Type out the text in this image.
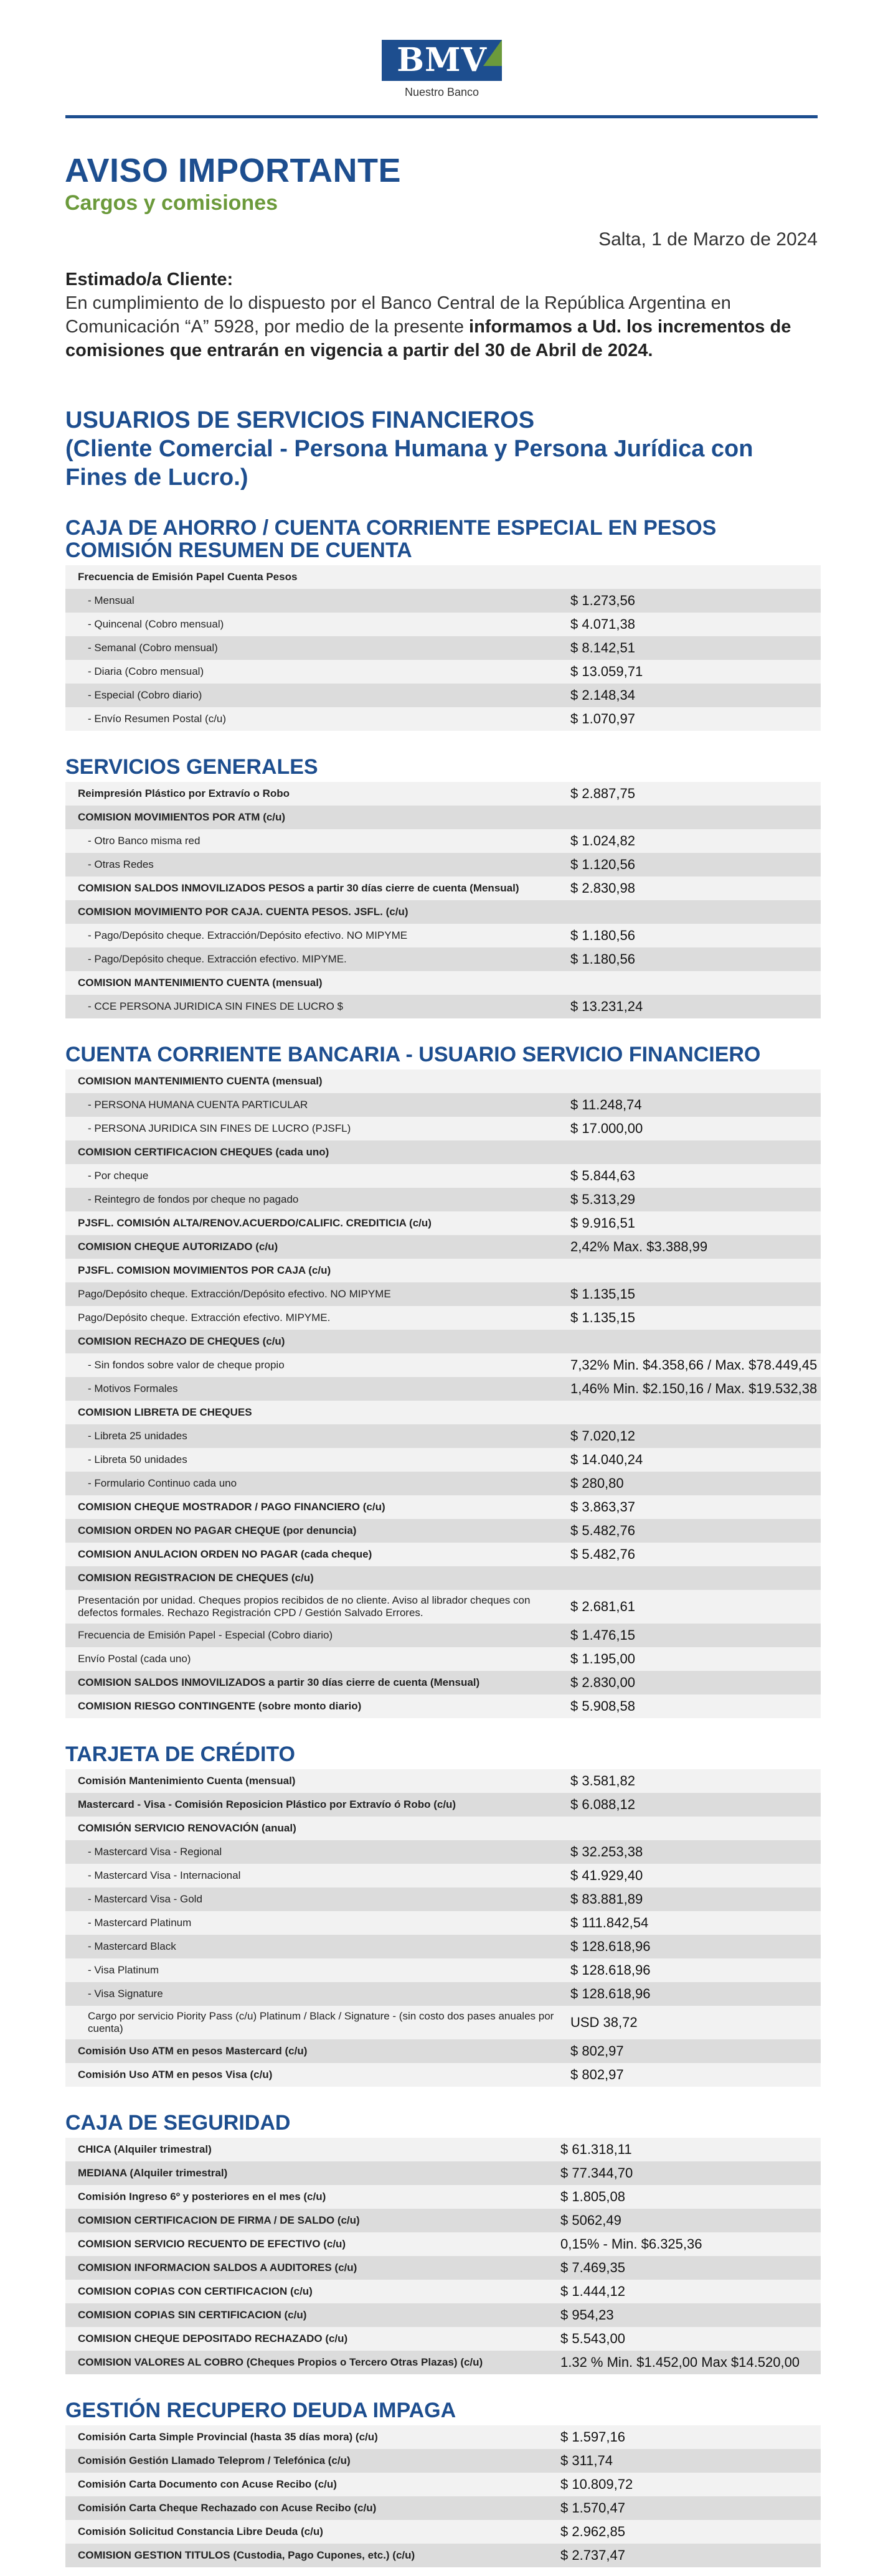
BMV
Nuestro Banco
AVISO IMPORTANTE
Cargos y comisiones
Salta, 1 de Marzo de 2024
Estimado/a Cliente:
En cumplimiento de lo dispuesto por el Banco Central de la República Argentina en Comunicación “A” 5928, por medio de la presente informamos a Ud. los incrementos de comisiones que entrarán en vigencia a partir del 30 de Abril de 2024.
USUARIOS DE SERVICIOS FINANCIEROS
(Cliente Comercial - Persona Humana y Persona Jurídica con
Fines de Lucro.)
CAJA DE AHORRO / CUENTA CORRIENTE ESPECIAL EN PESOS
COMISIÓN RESUMEN DE CUENTA
Frecuencia de Emisión Papel Cuenta Pesos	
- Mensual	$ 1.273,56
- Quincenal (Cobro mensual)	$ 4.071,38
- Semanal (Cobro mensual)	$ 8.142,51
- Diaria (Cobro mensual)	$ 13.059,71
- Especial (Cobro diario)	$ 2.148,34
- Envío Resumen Postal (c/u)	$ 1.070,97
SERVICIOS GENERALES
Reimpresión Plástico por Extravío o Robo	$ 2.887,75
COMISION MOVIMIENTOS POR ATM (c/u)	
- Otro Banco misma red	$ 1.024,82
- Otras Redes	$ 1.120,56
COMISION SALDOS INMOVILIZADOS PESOS a partir 30 días cierre de cuenta (Mensual)	$ 2.830,98
COMISION MOVIMIENTO POR CAJA. CUENTA PESOS. JSFL. (c/u)	
- Pago/Depósito cheque. Extracción/Depósito efectivo. NO MIPYME	$ 1.180,56
- Pago/Depósito cheque. Extracción efectivo. MIPYME.	$ 1.180,56
COMISION MANTENIMIENTO CUENTA (mensual)	
- CCE PERSONA JURIDICA SIN FINES DE LUCRO $	$ 13.231,24
CUENTA CORRIENTE BANCARIA - USUARIO SERVICIO FINANCIERO
COMISION MANTENIMIENTO CUENTA (mensual)	
- PERSONA HUMANA CUENTA PARTICULAR	$ 11.248,74
- PERSONA JURIDICA SIN FINES DE LUCRO (PJSFL)	$ 17.000,00
COMISION CERTIFICACION CHEQUES (cada uno)	
- Por cheque	$ 5.844,63
- Reintegro de fondos por cheque no pagado	$ 5.313,29
PJSFL. COMISIÓN ALTA/RENOV.ACUERDO/CALIFIC. CREDITICIA (c/u)	$ 9.916,51
COMISION CHEQUE AUTORIZADO (c/u)	2,42% Max. $3.388,99
PJSFL. COMISION MOVIMIENTOS POR CAJA (c/u)	
Pago/Depósito cheque. Extracción/Depósito efectivo. NO MIPYME	$ 1.135,15
Pago/Depósito cheque. Extracción efectivo. MIPYME.	$ 1.135,15
COMISION RECHAZO DE CHEQUES (c/u)	
- Sin fondos sobre valor de cheque propio	7,32% Min. $4.358,66 / Max. $78.449,45
- Motivos Formales	1,46% Min. $2.150,16 / Max. $19.532,38
COMISION LIBRETA DE CHEQUES	
- Libreta 25 unidades	$ 7.020,12
- Libreta 50 unidades	$ 14.040,24
- Formulario Continuo cada uno	$ 280,80
COMISION CHEQUE MOSTRADOR / PAGO FINANCIERO (c/u)	$ 3.863,37
COMISION ORDEN NO PAGAR CHEQUE (por denuncia)	$ 5.482,76
COMISION ANULACION ORDEN NO PAGAR (cada cheque)	$ 5.482,76
COMISION REGISTRACION DE CHEQUES (c/u)	
Presentación por unidad. Cheques propios recibidos de no cliente. Aviso al librador cheques con defectos formales. Rechazo Registración CPD / Gestión Salvado Errores.	$ 2.681,61
Frecuencia de Emisión Papel - Especial (Cobro diario)	$ 1.476,15
Envío Postal (cada uno)	$ 1.195,00
COMISION SALDOS INMOVILIZADOS a partir 30 días cierre de cuenta (Mensual)	$ 2.830,00
COMISION RIESGO CONTINGENTE (sobre monto diario)	$ 5.908,58
TARJETA DE CRÉDITO
Comisión Mantenimiento Cuenta (mensual)	$ 3.581,82
Mastercard - Visa - Comisión Reposicion Plástico por Extravío ó Robo (c/u)	$ 6.088,12
COMISIÓN SERVICIO RENOVACIÓN (anual)	
- Mastercard Visa - Regional	$ 32.253,38
- Mastercard Visa - Internacional	$ 41.929,40
- Mastercard Visa - Gold	$ 83.881,89
- Mastercard Platinum	$ 111.842,54
- Mastercard Black	$ 128.618,96
- Visa Platinum	$ 128.618,96
- Visa Signature	$ 128.618,96
Cargo por servicio Piority Pass (c/u) Platinum / Black / Signature - (sin costo dos pases anuales por cuenta)	USD 38,72
Comisión Uso ATM en pesos Mastercard (c/u)	$ 802,97
Comisión Uso ATM en pesos Visa (c/u)	$ 802,97
CAJA DE SEGURIDAD
CHICA (Alquiler trimestral)	$ 61.318,11
MEDIANA (Alquiler trimestral)	$ 77.344,70
Comisión Ingreso 6º y posteriores en el mes (c/u)	$ 1.805,08
COMISION CERTIFICACION DE FIRMA / DE SALDO (c/u)	$ 5062,49
COMISION SERVICIO RECUENTO DE EFECTIVO (c/u)	0,15% - Min. $6.325,36
COMISION INFORMACION SALDOS A AUDITORES (c/u)	$ 7.469,35
COMISION COPIAS CON CERTIFICACION (c/u)	$ 1.444,12
COMISION COPIAS SIN CERTIFICACION (c/u)	$ 954,23
COMISION CHEQUE DEPOSITADO RECHAZADO (c/u)	$ 5.543,00
COMISION VALORES AL COBRO (Cheques Propios o Tercero Otras Plazas) (c/u)	1.32 % Min. $1.452,00 Max $14.520,00
GESTIÓN RECUPERO DEUDA IMPAGA
Comisión Carta Simple Provincial (hasta 35 días mora) (c/u)	$ 1.597,16
Comisión Gestión Llamado Teleprom / Telefónica (c/u)	$ 311,74
Comisión Carta Documento con Acuse Recibo (c/u)	$ 10.809,72
Comisión Carta Cheque Rechazado con Acuse Recibo (c/u)	$ 1.570,47
Comisión Solicitud Constancia Libre Deuda (c/u)	$ 2.962,85
COMISION GESTION TITULOS (Custodia, Pago Cupones, etc.) (c/u)	$ 2.737,47
